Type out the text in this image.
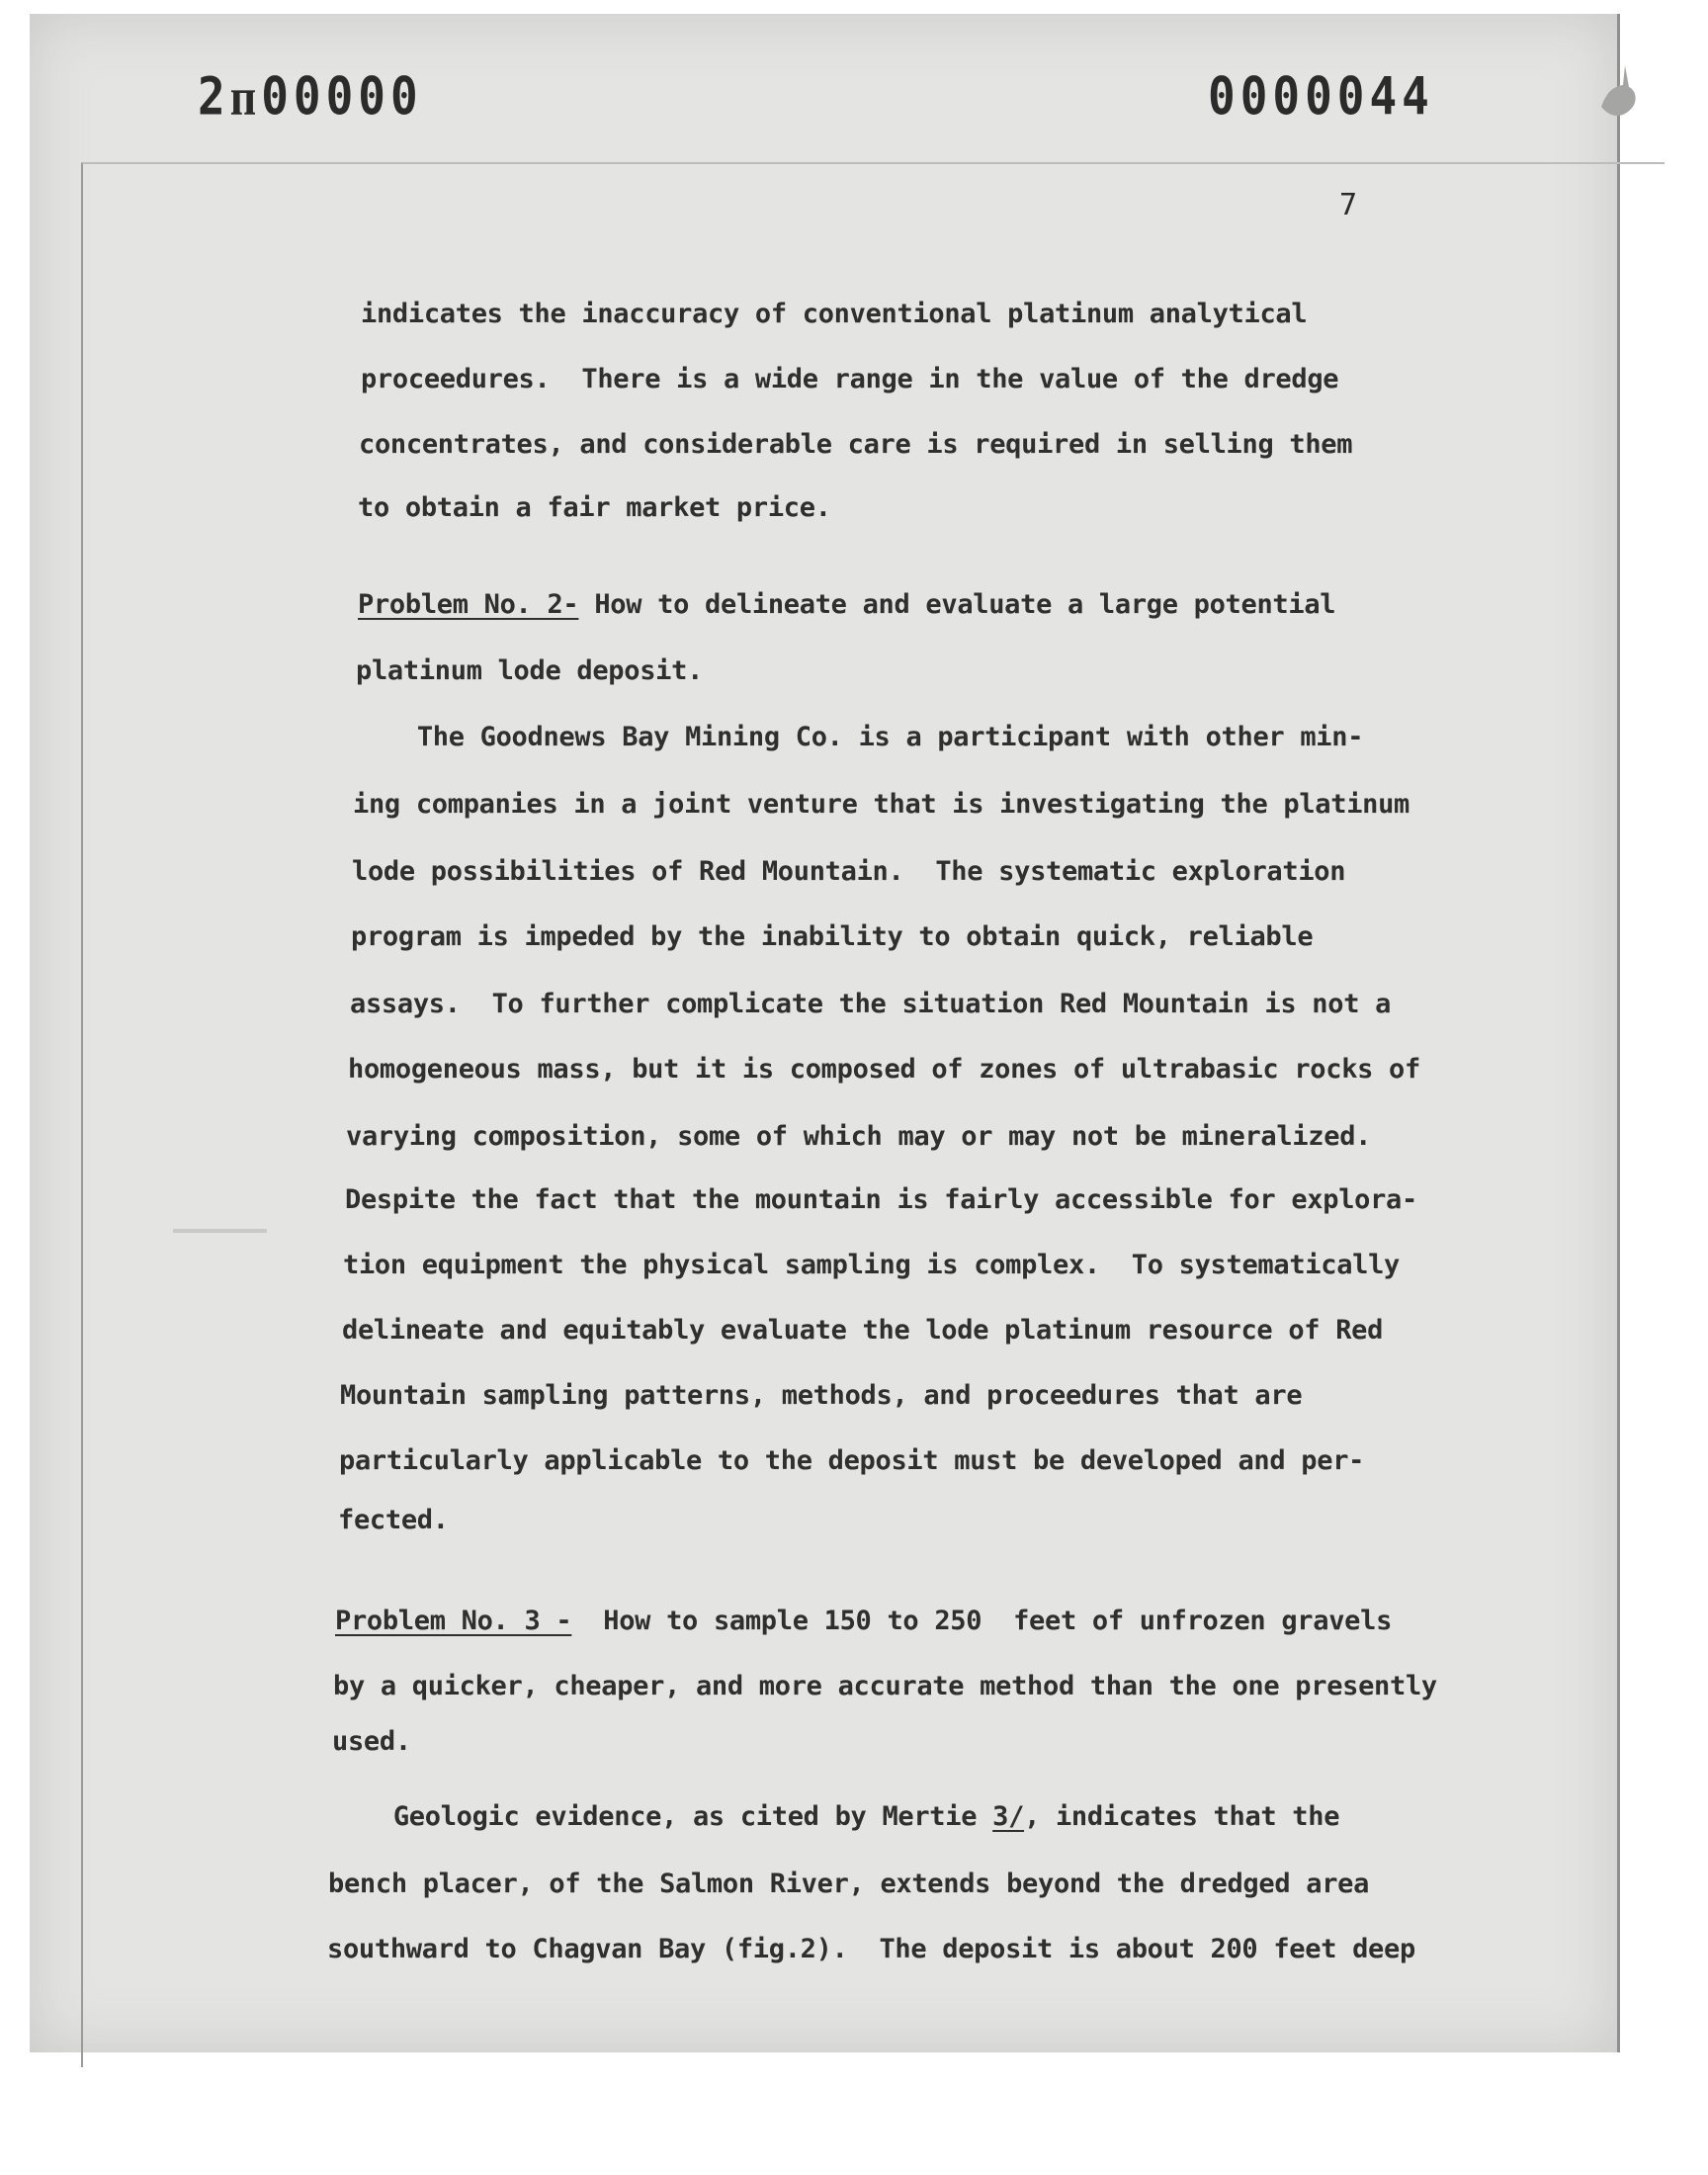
2ᴨ00000	0000044
7
indicates the inaccuracy of conventional platinum analytical
proceedures.  There is a wide range in the value of the dredge
concentrates, and considerable care is required in selling them
to obtain a fair market price.
Problem No. 2- How to delineate and evaluate a large potential
platinum lode deposit.
The Goodnews Bay Mining Co. is a participant with other min-
ing companies in a joint venture that is investigating the platinum
lode possibilities of Red Mountain.  The systematic exploration
program is impeded by the inability to obtain quick, reliable
assays.  To further complicate the situation Red Mountain is not a
homogeneous mass, but it is composed of zones of ultrabasic rocks of
varying composition, some of which may or may not be mineralized.
Despite the fact that the mountain is fairly accessible for explora-
tion equipment the physical sampling is complex.  To systematically
delineate and equitably evaluate the lode platinum resource of Red
Mountain sampling patterns, methods, and proceedures that are
particularly applicable to the deposit must be developed and per-
fected.
Problem No. 3 -  How to sample 150 to 250  feet of unfrozen gravels
by a quicker, cheaper, and more accurate method than the one presently
used.
Geologic evidence, as cited by Mertie 3/, indicates that the
bench placer, of the Salmon River, extends beyond the dredged area
southward to Chagvan Bay (fig.2).  The deposit is about 200 feet deep
